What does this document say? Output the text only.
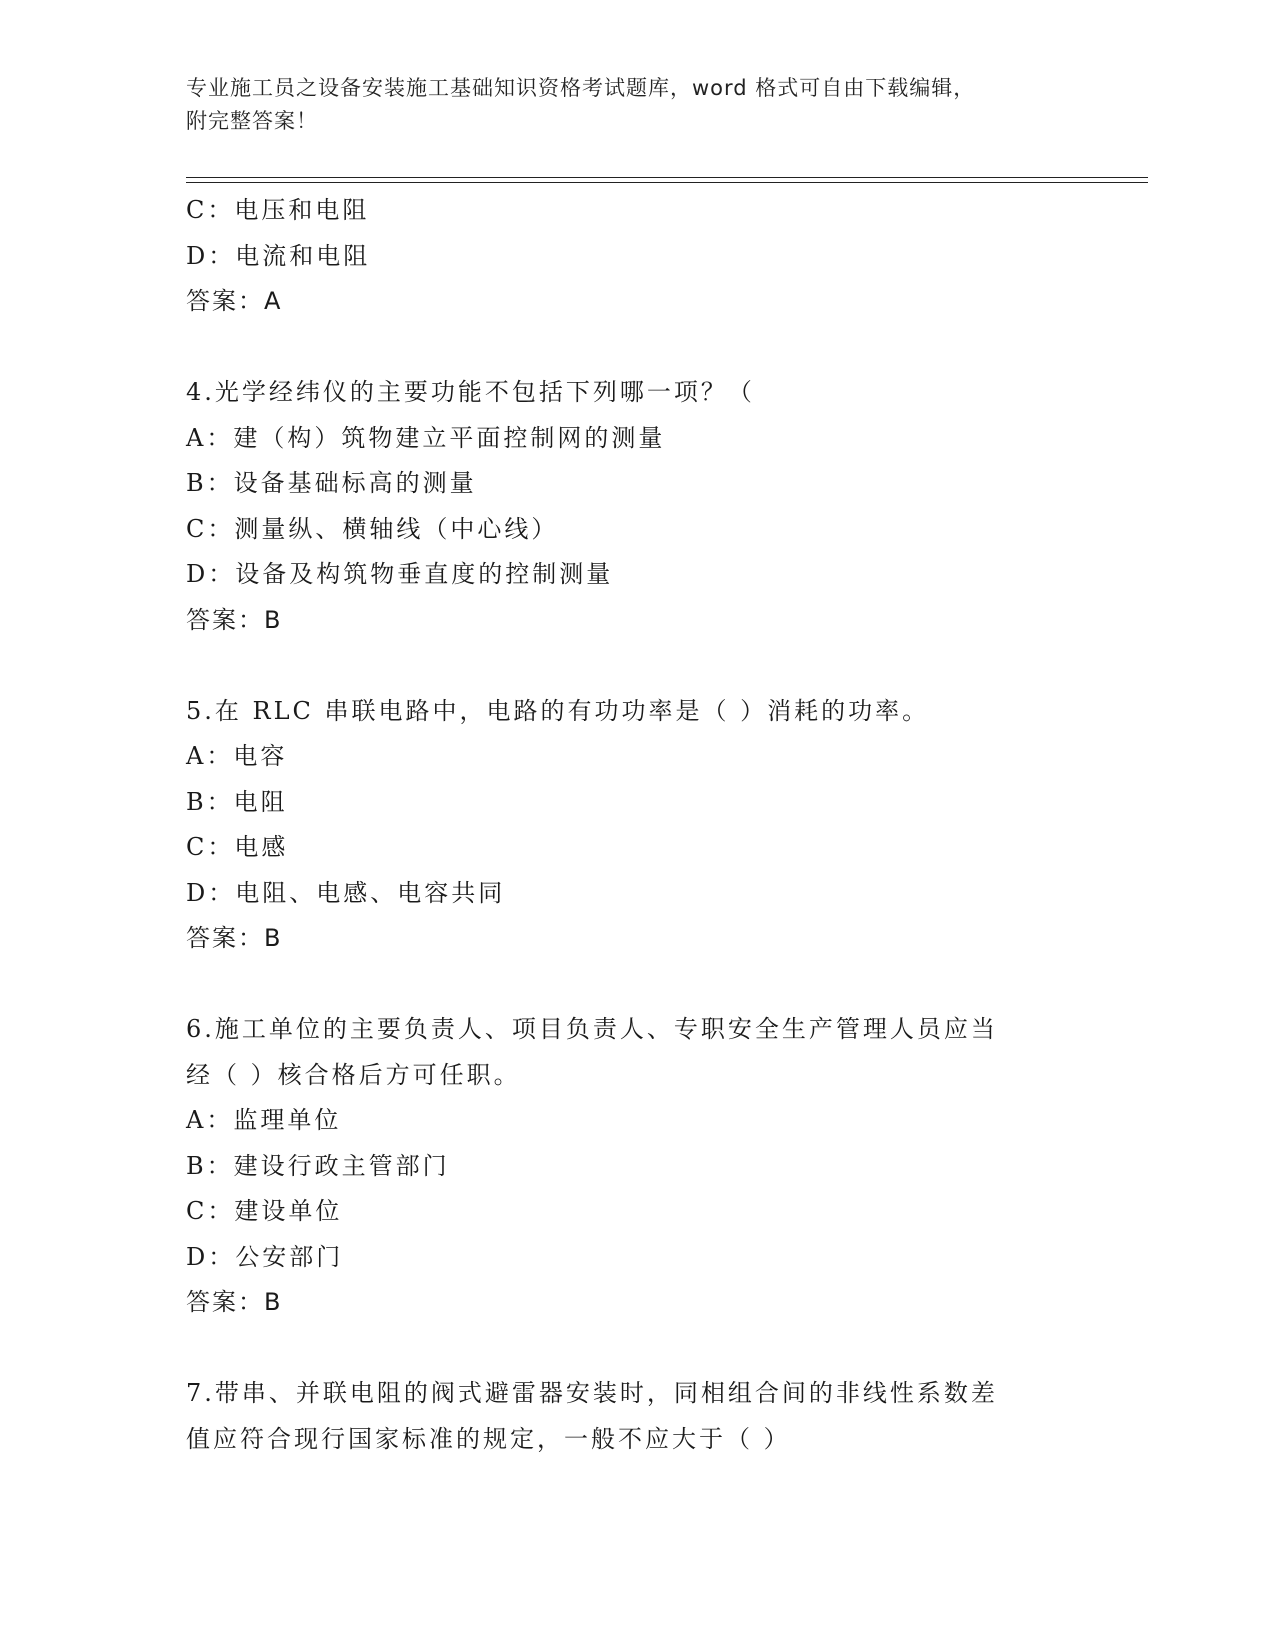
专业施工员之设备安装施工基础知识资格考试题库，word 格式可自由下载编辑，
附完整答案！
C：电压和电阻
D：电流和电阻
答案：A
4.光学经纬仪的主要功能不包括下列哪一项？（
A：建（构）筑物建立平面控制网的测量
B：设备基础标高的测量
C：测量纵、横轴线（中心线）
D：设备及构筑物垂直度的控制测量
答案：B
5.在 RLC 串联电路中，电路的有功功率是（ ）消耗的功率。
A：电容
B：电阻
C：电感
D：电阻、电感、电容共同
答案：B
6.施工单位的主要负责人、项目负责人、专职安全生产管理人员应当
经（ ）核合格后方可任职。
A：监理单位
B：建设行政主管部门
C：建设单位
D：公安部门
答案：B
7.带串、并联电阻的阀式避雷器安装时，同相组合间的非线性系数差
值应符合现行国家标准的规定，一般不应大于（ ）
